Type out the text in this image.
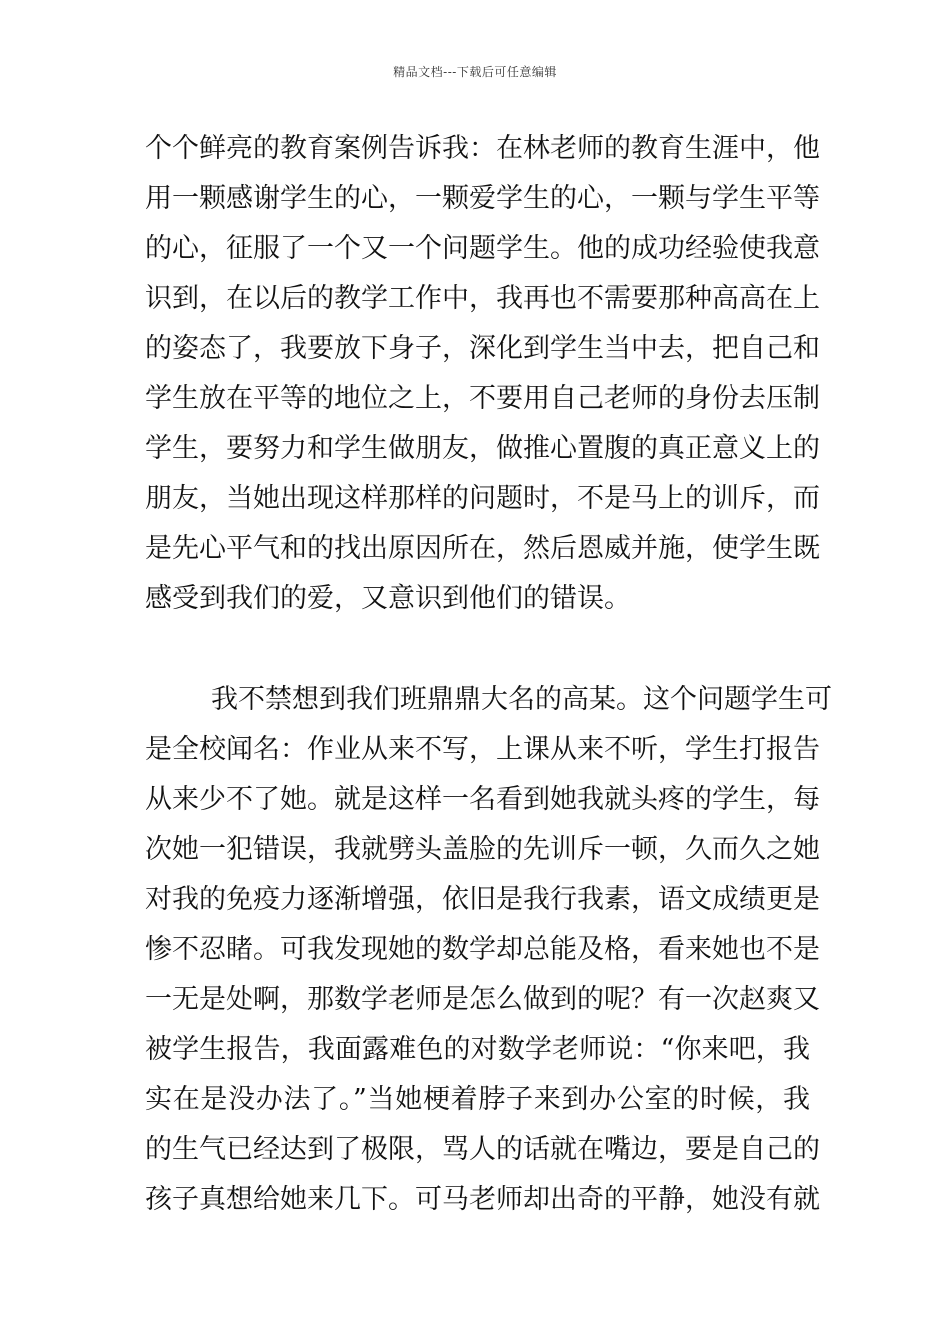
精品文档---下载后可任意编辑
个个鲜亮的教育案例告诉我：在林老师的教育生涯中，他
用一颗感谢学生的心，一颗爱学生的心，一颗与学生平等
的心，征服了一个又一个问题学生。他的成功经验使我意
识到，在以后的教学工作中，我再也不需要那种高高在上
的姿态了，我要放下身子，深化到学生当中去，把自己和
学生放在平等的地位之上，不要用自己老师的身份去压制
学生，要努力和学生做朋友，做推心置腹的真正意义上的
朋友，当她出现这样那样的问题时，不是马上的训斥，而
是先心平气和的找出原因所在，然后恩威并施，使学生既
感受到我们的爱，又意识到他们的错误。
我不禁想到我们班鼎鼎大名的高某。这个问题学生可
是全校闻名：作业从来不写，上课从来不听，学生打报告
从来少不了她。就是这样一名看到她我就头疼的学生，每
次她一犯错误，我就劈头盖脸的先训斥一顿，久而久之她
对我的免疫力逐渐增强，依旧是我行我素，语文成绩更是
惨不忍睹。可我发现她的数学却总能及格，看来她也不是
一无是处啊，那数学老师是怎么做到的呢？有一次赵爽又
被学生报告，我面露难色的对数学老师说：“你来吧，我
实在是没办法了。”当她梗着脖子来到办公室的时候，我
的生气已经达到了极限，骂人的话就在嘴边，要是自己的
孩子真想给她来几下。可马老师却出奇的平静，她没有就
